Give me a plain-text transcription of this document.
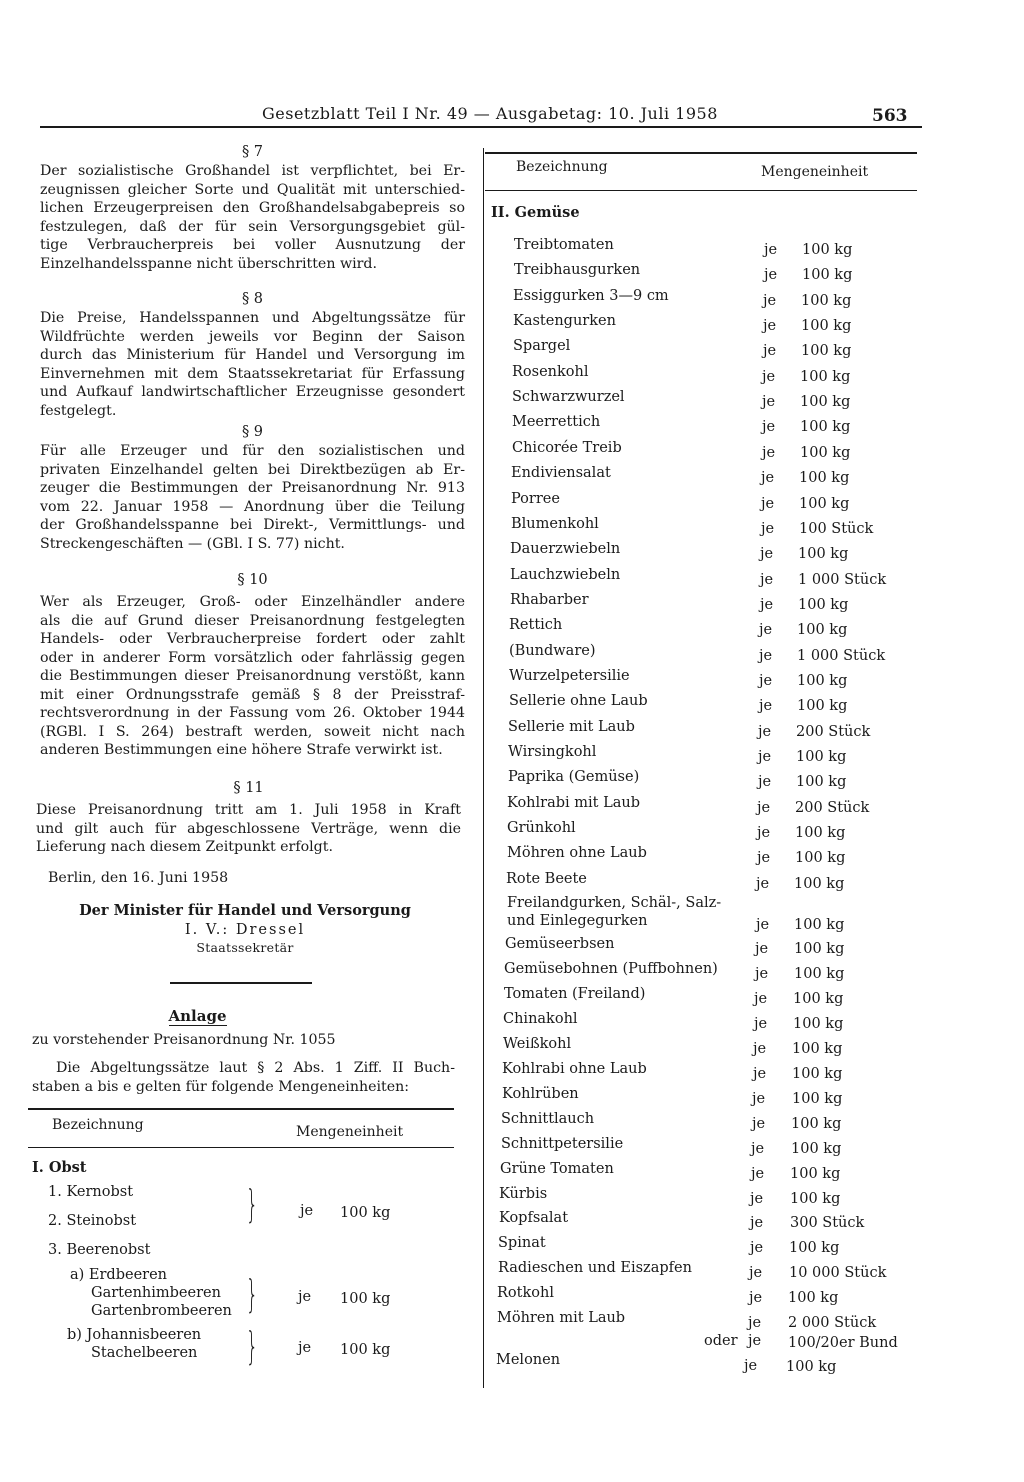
Gesetzblatt Teil I Nr. 49 — Ausgabetag: 10. Juli 1958	563
§ 7
Der sozialistische Großhandel ist verpflichtet, bei Er-
zeugnissen gleicher Sorte und Qualität mit unterschied-
lichen Erzeugerpreisen den Großhandelsabgabepreis so
festzulegen, daß der für sein Versorgungsgebiet gül-
tige Verbraucherpreis bei voller Ausnutzung der
Einzelhandelsspanne nicht überschritten wird.
§ 8
Die Preise, Handelsspannen und Abgeltungssätze für
Wildfrüchte werden jeweils vor Beginn der Saison
durch das Ministerium für Handel und Versorgung im
Einvernehmen mit dem Staatssekretariat für Erfassung
und Aufkauf landwirtschaftlicher Erzeugnisse gesondert
festgelegt.
§ 9
Für alle Erzeuger und für den sozialistischen und
privaten Einzelhandel gelten bei Direktbezügen ab Er-
zeuger die Bestimmungen der Preisanordnung Nr. 913
vom 22. Januar 1958 — Anordnung über die Teilung
der Großhandelsspanne bei Direkt-, Vermittlungs- und
Streckengeschäften — (GBl. I S. 77) nicht.
§ 10
Wer als Erzeuger, Groß- oder Einzelhändler andere
als die auf Grund dieser Preisanordnung festgelegten
Handels- oder Verbraucherpreise fordert oder zahlt
oder in anderer Form vorsätzlich oder fahrlässig gegen
die Bestimmungen dieser Preisanordnung verstößt, kann
mit einer Ordnungsstrafe gemäß § 8 der Preisstraf-
rechtsverordnung in der Fassung vom 26. Oktober 1944
(RGBl. I S. 264) bestraft werden, soweit nicht nach
anderen Bestimmungen eine höhere Strafe verwirkt ist.
§ 11
Diese Preisanordnung tritt am 1. Juli 1958 in Kraft
und gilt auch für abgeschlossene Verträge, wenn die
Lieferung nach diesem Zeitpunkt erfolgt.
Berlin, den 16. Juni 1958
Der Minister für Handel und Versorgung
I. V.: Dressel
Staatssekretär
Anlage
zu vorstehender Preisanordnung Nr. 1055
Die Abgeltungssätze laut § 2 Abs. 1 Ziff. II Buch-
staben a bis e gelten für folgende Mengeneinheiten:
Bezeichnung	Mengeneinheit
I. Obst
1. Kernobst
2. Steinobst	}	je 100 kg
3. Beerenobst
a) Erdbeeren
Gartenhimbeeren
Gartenbrombeeren }	je 100 kg
b) Johannisbeeren
Stachelbeeren }	je 100 kg
Bezeichnung	Mengeneinheit
II. Gemüse
Treibtomaten	je 100 kg
Treibhausgurken	je 100 kg
Essiggurken 3—9 cm	je 100 kg
Kastengurken	je 100 kg
Spargel	je 100 kg
Rosenkohl	je 100 kg
Schwarzwurzel	je 100 kg
Meerrettich	je 100 kg
Chicorée Treib	je 100 kg
Endiviensalat	je 100 kg
Porree	je 100 kg
Blumenkohl	je 100 Stück
Dauerzwiebeln	je 100 kg
Lauchzwiebeln	je 1 000 Stück
Rhabarber	je 100 kg
Rettich	je 100 kg
(Bundware)	je 1 000 Stück
Wurzelpetersilie	je 100 kg
Sellerie ohne Laub	je 100 kg
Sellerie mit Laub	je 200 Stück
Wirsingkohl	je 100 kg
Paprika (Gemüse)	je 100 kg
Kohlrabi mit Laub	je 200 Stück
Grünkohl	je 100 kg
Möhren ohne Laub	je 100 kg
Rote Beete	je 100 kg
Freilandgurken, Schäl-, Salz-
und Einlegegurken	je 100 kg
Gemüseerbsen	je 100 kg
Gemüsebohnen (Puffbohnen)	je 100 kg
Tomaten (Freiland)	je 100 kg
Chinakohl	je 100 kg
Weißkohl	je 100 kg
Kohlrabi ohne Laub	je 100 kg
Kohlrüben	je 100 kg
Schnittlauch	je 100 kg
Schnittpetersilie	je 100 kg
Grüne Tomaten	je 100 kg
Kürbis	je 100 kg
Kopfsalat	je 300 Stück
Spinat	je 100 kg
Radieschen und Eiszapfen	je 10 000 Stück
Rotkohl	je 100 kg
Möhren mit Laub	je 2 000 Stück
oder je 100/20er Bund
Melonen	je 100 kg
